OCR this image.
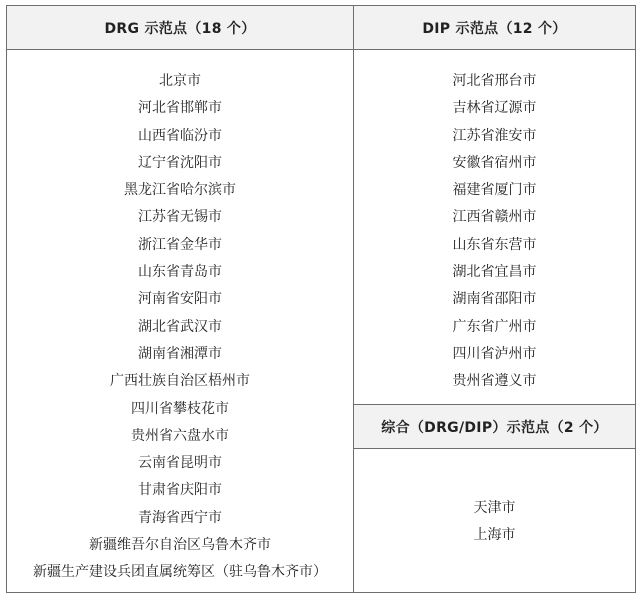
DRG 示范点（18 个）
北京市
河北省邯郸市
山西省临汾市
辽宁省沈阳市
黑龙江省哈尔滨市
江苏省无锡市
浙江省金华市
山东省青岛市
河南省安阳市
湖北省武汉市
湖南省湘潭市
广西壮族自治区梧州市
四川省攀枝花市
贵州省六盘水市
云南省昆明市
甘肃省庆阳市
青海省西宁市
新疆维吾尔自治区乌鲁木齐市
新疆生产建设兵团直属统筹区（驻乌鲁木齐市）
DIP 示范点（12 个）
河北省邢台市
吉林省辽源市
江苏省淮安市
安徽省宿州市
福建省厦门市
江西省赣州市
山东省东营市
湖北省宜昌市
湖南省邵阳市
广东省广州市
四川省泸州市
贵州省遵义市
综合（DRG/DIP）示范点（2 个）
天津市
上海市
